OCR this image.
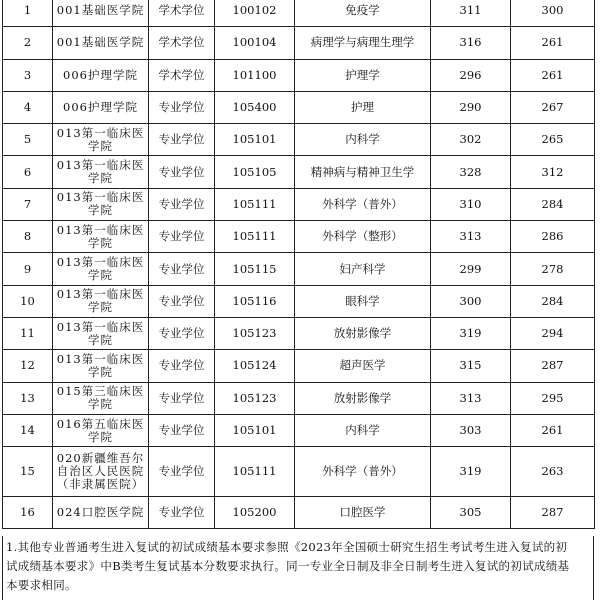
1	001基础医学院	学术学位	100102	免疫学	311	300
2	001基础医学院	学术学位	100104	病理学与病理生理学	316	261
3	006护理学院	学术学位	101100	护理学	296	261
4	006护理学院	专业学位	105400	护理	290	267
5	013第一临床医学院	专业学位	105101	内科学	302	265
6	013第一临床医学院	专业学位	105105	精神病与精神卫生学	328	312
7	013第一临床医学院	专业学位	105111	外科学（普外）	310	284
8	013第一临床医学院	专业学位	105111	外科学（整形）	313	286
9	013第一临床医学院	专业学位	105115	妇产科学	299	278
10	013第一临床医学院	专业学位	105116	眼科学	300	284
11	013第一临床医学院	专业学位	105123	放射影像学	319	294
12	013第一临床医学院	专业学位	105124	超声医学	315	287
13	015第三临床医学院	专业学位	105123	放射影像学	313	295
14	016第五临床医学院	专业学位	105101	内科学	303	261
15	020新疆维吾尔自治区人民医院（非隶属医院）	专业学位	105111	外科学（普外）	319	263
16	024口腔医学院	专业学位	105200	口腔医学	305	287
1.其他专业普通考生进入复试的初试成绩基本要求参照《2023年全国硕士研究生招生考试考生进入复试的初试成绩基本要求》中B类考生复试基本分数要求执行。同一专业全日制及非全日制考生进入复试的初试成绩基本要求相同。
